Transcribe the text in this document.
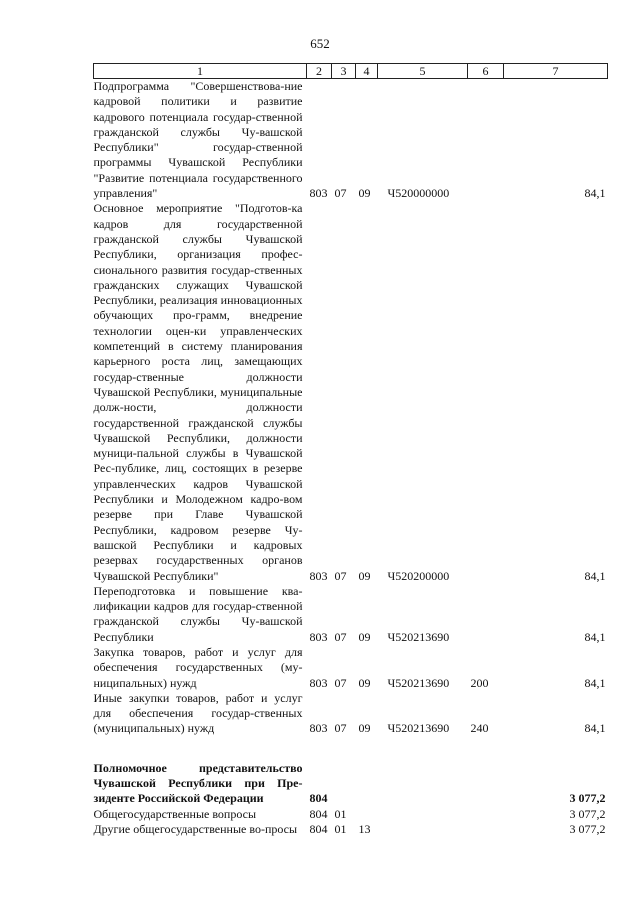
652
1	2	3	4	5	6	7
Подпрограмма "Совершенствова-ние кадровой политики и развитие кадрового потенциала государ-ственной гражданской службы Чу-вашской Республики" государ-ственной программы Чувашской Республики "Развитие потенциала государственного управления"	803	07	09	Ч520000000		84,1
Основное мероприятие "Подготов-ка кадров для государственной гражданской службы Чувашской Республики, организация профес-сионального развития государ-ственных гражданских служащих Чувашской Республики, реализация инновационных обучающих про-грамм, внедрение технологии оцен-ки управленческих компетенций в систему планирования карьерного роста лиц, замещающих государ-ственные должности Чувашской Республики, муниципальные долж-ности, должности государственной гражданской службы Чувашской Республики, должности муници-пальной службы в Чувашской Рес-публике, лиц, состоящих в резерве управленческих кадров Чувашской Республики и Молодежном кадро-вом резерве при Главе Чувашской Республики, кадровом резерве Чу-вашской Республики и кадровых резервах государственных органов Чувашской Республики"	803	07	09	Ч520200000		84,1
Переподготовка и повышение ква-лификации кадров для государ-ственной гражданской службы Чу-вашской Республики	803	07	09	Ч520213690		84,1
Закупка товаров, работ и услуг для обеспечения государственных (му-ниципальных) нужд	803	07	09	Ч520213690	200	84,1
Иные закупки товаров, работ и услуг для обеспечения государ-ственных (муниципальных) нужд	803	07	09	Ч520213690	240	84,1

Полномочное представительство Чувашской Республики при Пре-зиденте Российской Федерации	804					3 077,2
Общегосударственные вопросы	804	01				3 077,2
Другие общегосударственные во-просы	804	01	13			3 077,2
